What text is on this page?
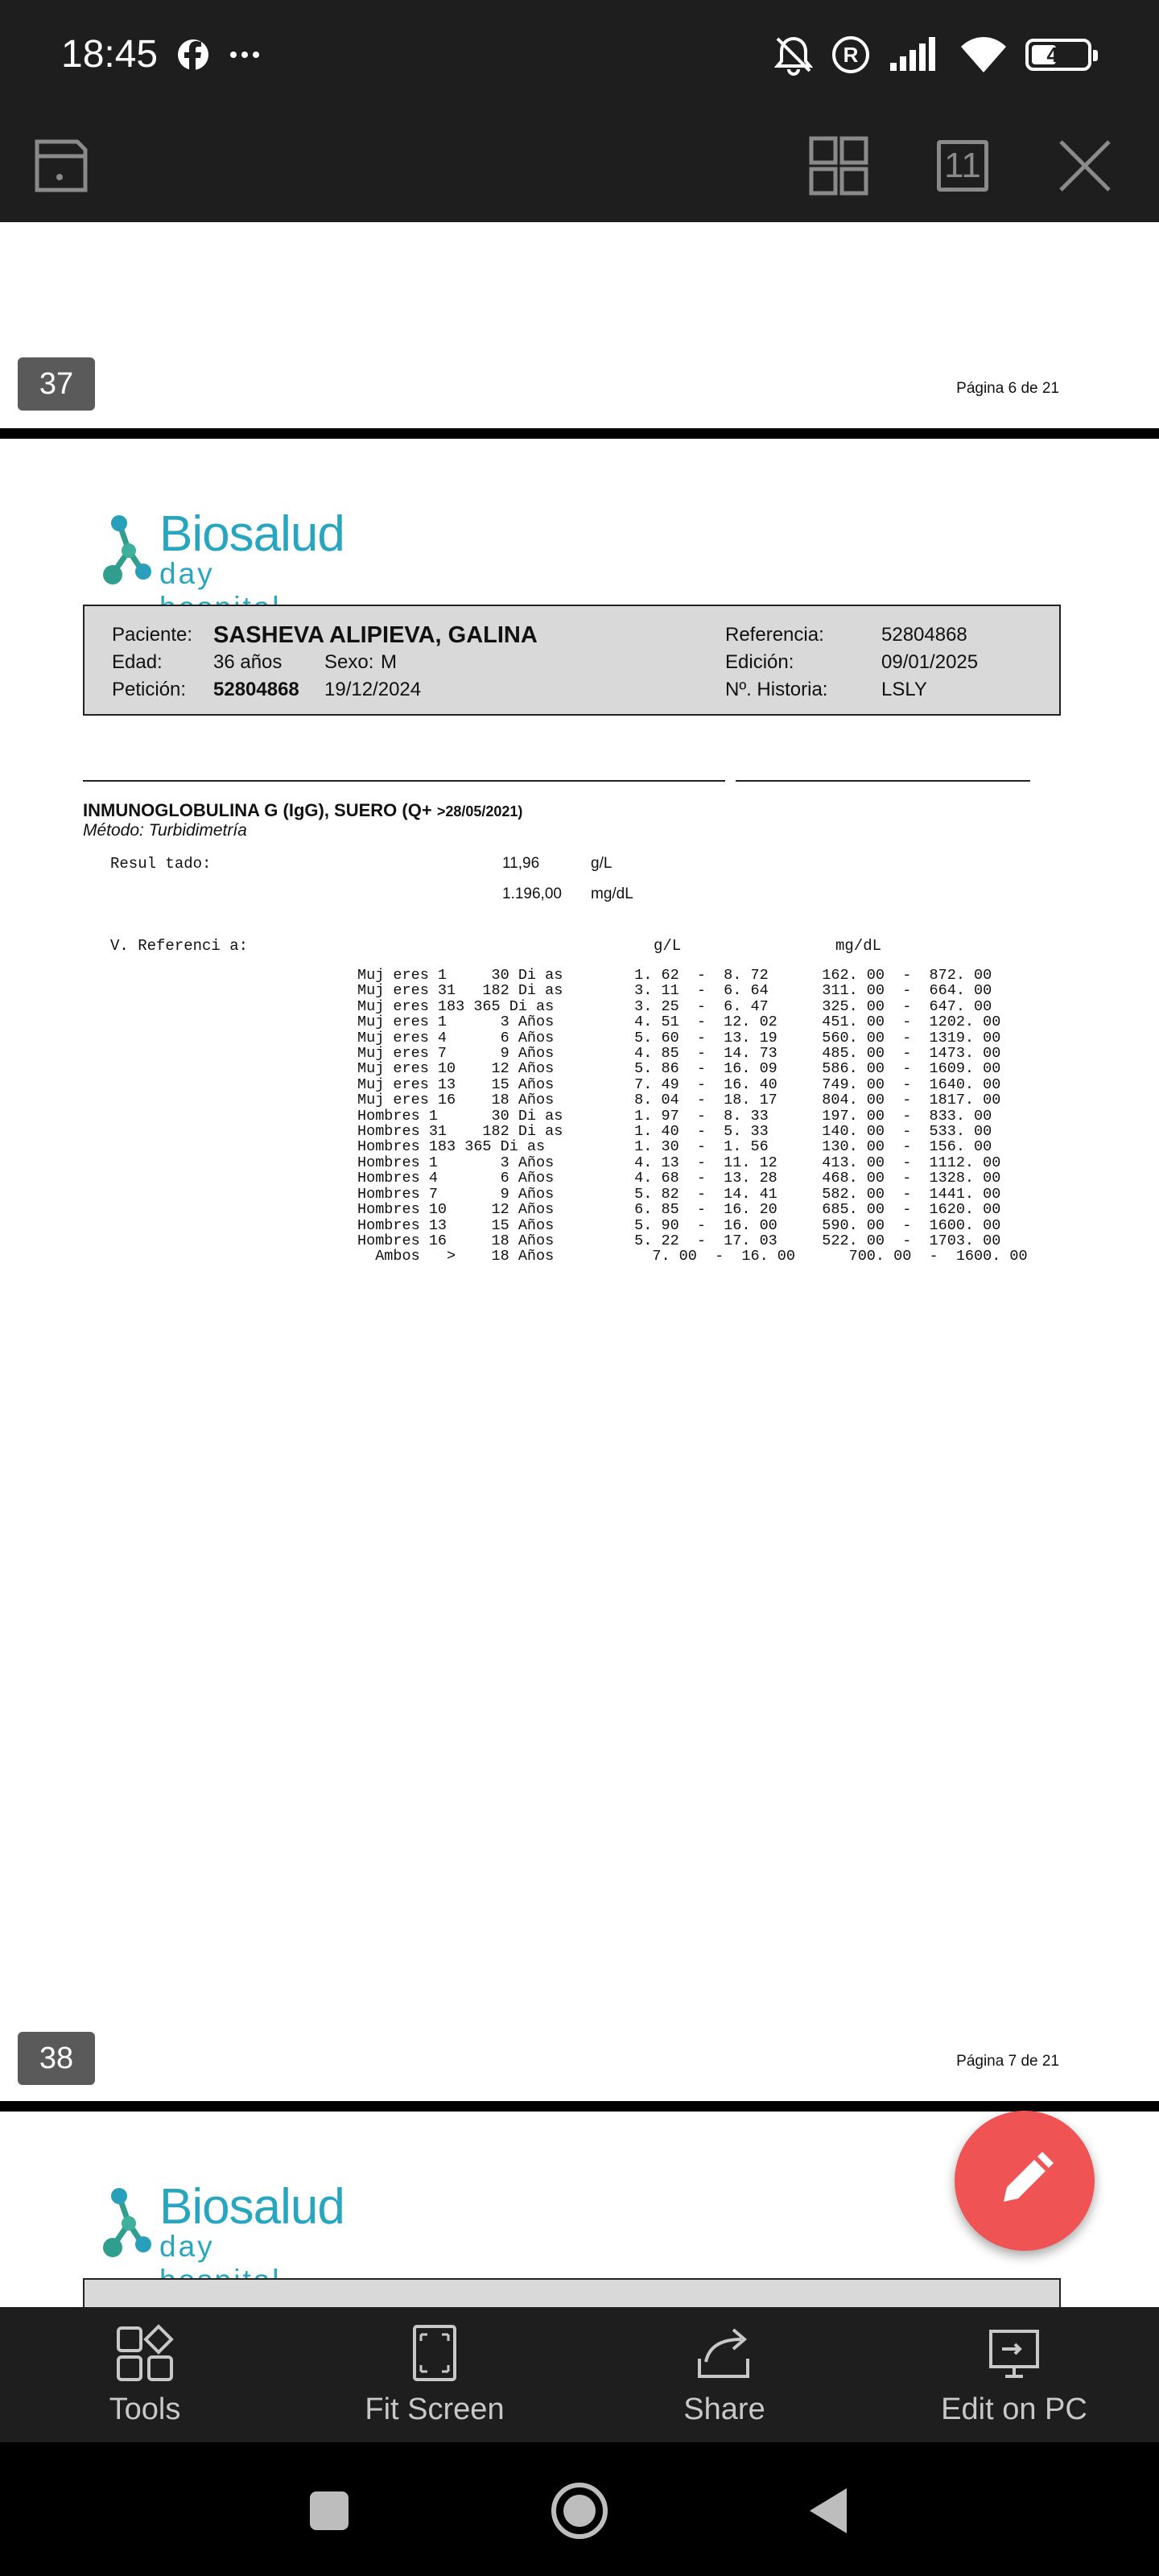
18:45	R	41
11
37	Página 6 de 21
Biosalud
day
Paciente: SASHEVA ALIPIEVA, GALINA
Edad:	36 años Sexo: M
Petición: 52804868 19/12/2024
Referencia:	52804868
Edición:	09/01/2025
Nº. Historia:	LSLY
INMUNOGLOBULINA G (IgG), SUERO (Q+ >28/05/2021)
Método: Turbidimetría
Resul tado:	11,96	g/L
1.196,00 mg/dL
V. Referenci a:	g/L	mg/dL
Muj eres 1     30 Di as        1. 62  -  8. 72      162. 00  -  872. 00
Muj eres 31   182 Di as        3. 11  -  6. 64      311. 00  -  664. 00
Muj eres 183 365 Di as         3. 25  -  6. 47      325. 00  -  647. 00
Muj eres 1      3 Años         4. 51  -  12. 02     451. 00  -  1202. 00
Muj eres 4      6 Años         5. 60  -  13. 19     560. 00  -  1319. 00
Muj eres 7      9 Años         4. 85  -  14. 73     485. 00  -  1473. 00
Muj eres 10    12 Años         5. 86  -  16. 09     586. 00  -  1609. 00
Muj eres 13    15 Años         7. 49  -  16. 40     749. 00  -  1640. 00
Muj eres 16    18 Años         8. 04  -  18. 17     804. 00  -  1817. 00
Hombres 1      30 Di as        1. 97  -  8. 33      197. 00  -  833. 00
Hombres 31    182 Di as        1. 40  -  5. 33      140. 00  -  533. 00
Hombres 183 365 Di as          1. 30  -  1. 56      130. 00  -  156. 00
Hombres 1       3 Años         4. 13  -  11. 12     413. 00  -  1112. 00
Hombres 4       6 Años         4. 68  -  13. 28     468. 00  -  1328. 00
Hombres 7       9 Años         5. 82  -  14. 41     582. 00  -  1441. 00
Hombres 10     12 Años         6. 85  -  16. 20     685. 00  -  1620. 00
Hombres 13     15 Años         5. 90  -  16. 00     590. 00  -  1600. 00
Hombres 16     18 Años         5. 22  -  17. 03     522. 00  -  1703. 00
Ambos   >    18 Años           7. 00  -  16. 00      700. 00  -  1600. 00
38	Página 7 de 21
Biosalud
day
Tools	Fit Screen	Share	Edit on PC
